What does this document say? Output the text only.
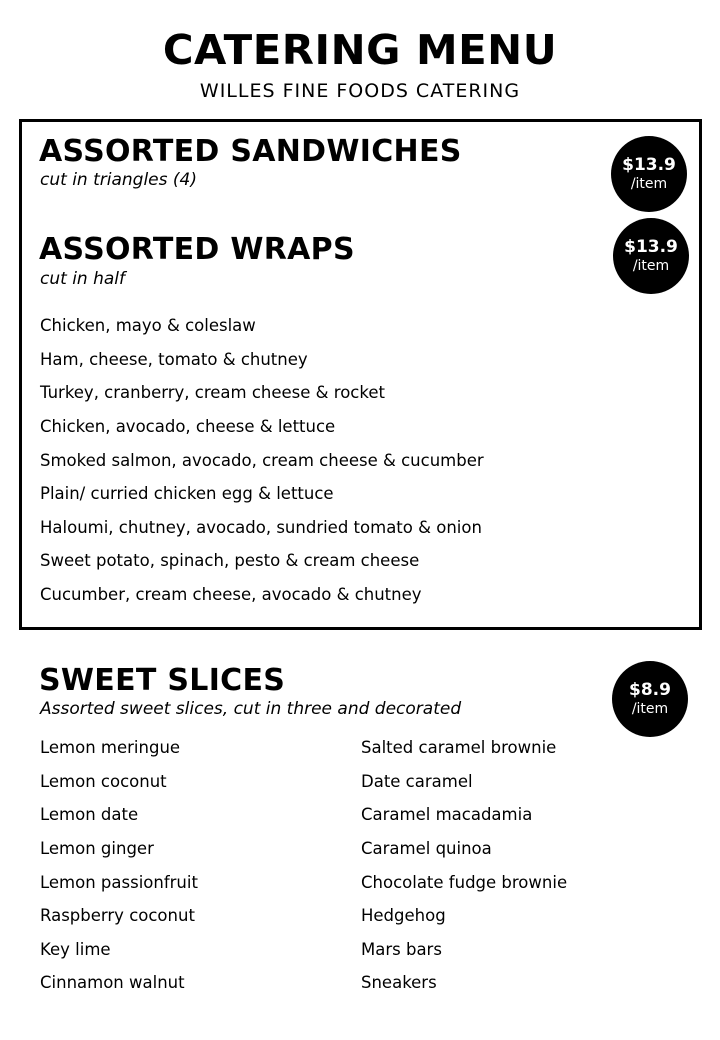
CATERING MENU
WILLES FINE FOODS CATERING
ASSORTED SANDWICHES
cut in triangles (4)
$13.9
/item
ASSORTED WRAPS
cut in half
$13.9
/item
Chicken, mayo & coleslaw
Ham, cheese, tomato & chutney
Turkey, cranberry, cream cheese & rocket
Chicken, avocado, cheese & lettuce
Smoked salmon, avocado, cream cheese & cucumber
Plain/ curried chicken egg & lettuce
Haloumi, chutney, avocado, sundried tomato & onion
Sweet potato, spinach, pesto & cream cheese
Cucumber, cream cheese, avocado & chutney
SWEET SLICES
Assorted sweet slices, cut in three and decorated
$8.9
/item
Lemon meringue
Lemon coconut
Lemon date
Lemon ginger
Lemon passionfruit
Raspberry coconut
Key lime
Cinnamon walnut
Salted caramel brownie
Date caramel
Caramel macadamia
Caramel quinoa
Chocolate fudge brownie
Hedgehog
Mars bars
Sneakers
